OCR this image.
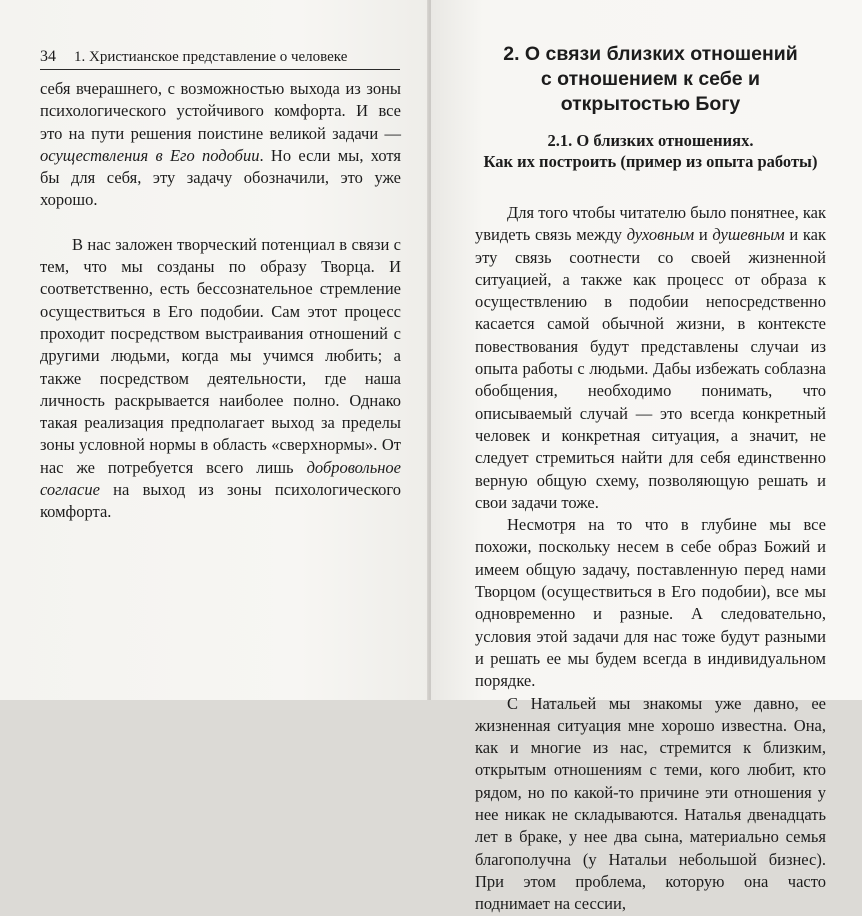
34 1. Христианское представление о человеке

себя вчерашнего, с возможностью выхода из зоны психологического устойчивого комфорта. И все это на пути решения поистине великой задачи — осуществления в Его подобии. Но если мы, хотя бы для себя, эту задачу обозначили, это уже хорошо.

В нас заложен творческий потенциал в связи с тем, что мы созданы по образу Творца. И соответственно, есть бессознательное стремление осуществиться в Его подобии. Сам этот процесс проходит посредством выстраивания отношений с другими людьми, когда мы учимся любить; а также посредством деятельности, где наша личность раскрывается наиболее полно. Однако такая реализация предполагает выход за пределы зоны условной нормы в область «сверхнормы». От нас же потребуется всего лишь добровольное согласие на выход из зоны психологического комфорта.

2. О связи близких отношений
с отношением к себе и открытостью Богу
2.1. О близких отношениях.
Как их построить (пример из опыта работы)

Для того чтобы читателю было понятнее, как увидеть связь между духовным и душевным и как эту связь соотнести со своей жизненной ситуацией, а также как процесс от образа к осуществлению в подобии непосредственно касается самой обычной жизни, в контексте повествования будут представлены случаи из опыта работы с людьми. Дабы избежать соблазна обобщения, необходимо понимать, что описываемый случай — это всегда конкретный человек и конкретная ситуация, а значит, не следует стремиться найти для себя единственно верную общую схему, позволяющую решать и свои задачи тоже.

Несмотря на то что в глубине мы все похожи, поскольку несем в себе образ Божий и имеем общую задачу, поставленную перед нами Творцом (осуществиться в Его подобии), все мы одновременно и разные. А следовательно, условия этой задачи для нас тоже будут разными и решать ее мы будем всегда в индивидуальном порядке.

С Натальей мы знакомы уже давно, ее жизненная ситуация мне хорошо известна. Она, как и многие из нас, стремится к близким, открытым отношениям с теми, кого любит, кто рядом, но по какой-то причине эти отношения у нее никак не складываются. Наталья двенадцать лет в браке, у нее два сына, материально семья благополучна (у Натальи небольшой бизнес). При этом проблема, которую она часто поднимает на сессии,
